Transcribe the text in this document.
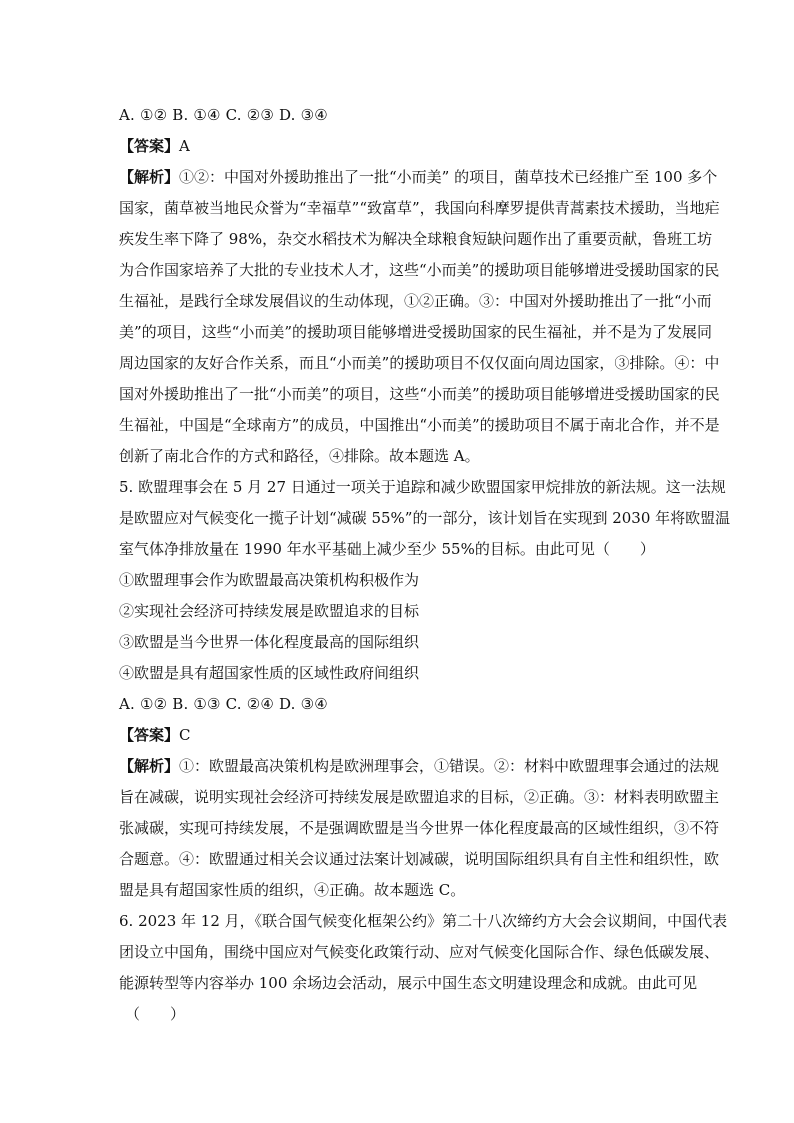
A. ①② B. ①④ C. ②③ D. ③④
【答案】A
【解析】①②：中国对外援助推出了一批“小而美” 的项目，菌草技术已经推广至 100 多个
国家，菌草被当地民众誉为“幸福草”“致富草”，我国向科摩罗提供青蒿素技术援助，当地疟
疾发生率下降了 98%，杂交水稻技术为解决全球粮食短缺问题作出了重要贡献，鲁班工坊
为合作国家培养了大批的专业技术人才，这些“小而美”的援助项目能够增进受援助国家的民
生福祉，是践行全球发展倡议的生动体现，①②正确。③：中国对外援助推出了一批“小而
美”的项目，这些“小而美”的援助项目能够增进受援助国家的民生福祉，并不是为了发展同
周边国家的友好合作关系，而且“小而美”的援助项目不仅仅面向周边国家，③排除。④：中
国对外援助推出了一批“小而美”的项目，这些“小而美”的援助项目能够增进受援助国家的民
生福祉，中国是“全球南方”的成员，中国推出“小而美”的援助项目不属于南北合作，并不是
创新了南北合作的方式和路径，④排除。故本题选 A。
5. 欧盟理事会在 5 月 27 日通过一项关于追踪和减少欧盟国家甲烷排放的新法规。这一法规
是欧盟应对气候变化一揽子计划“减碳 55%”的一部分，该计划旨在实现到 2030 年将欧盟温
室气体净排放量在 1990 年水平基础上减少至少 55%的目标。由此可见（　　）
①欧盟理事会作为欧盟最高决策机构积极作为
②实现社会经济可持续发展是欧盟追求的目标
③欧盟是当今世界一体化程度最高的国际组织
④欧盟是具有超国家性质的区域性政府间组织
A. ①② B. ①③ C. ②④ D. ③④
【答案】C
【解析】①：欧盟最高决策机构是欧洲理事会，①错误。②：材料中欧盟理事会通过的法规
旨在减碳，说明实现社会经济可持续发展是欧盟追求的目标，②正确。③：材料表明欧盟主
张减碳，实现可持续发展，不是强调欧盟是当今世界一体化程度最高的区域性组织，③不符
合题意。④：欧盟通过相关会议通过法案计划减碳，说明国际组织具有自主性和组织性，欧
盟是具有超国家性质的组织，④正确。故本题选 C。
6. 2023 年 12 月，《联合国气候变化框架公约》第二十八次缔约方大会会议期间，中国代表
团设立中国角，围绕中国应对气候变化政策行动、应对气候变化国际合作、绿色低碳发展、
能源转型等内容举办 100 余场边会活动，展示中国生态文明建设理念和成就。由此可见
（　　）
